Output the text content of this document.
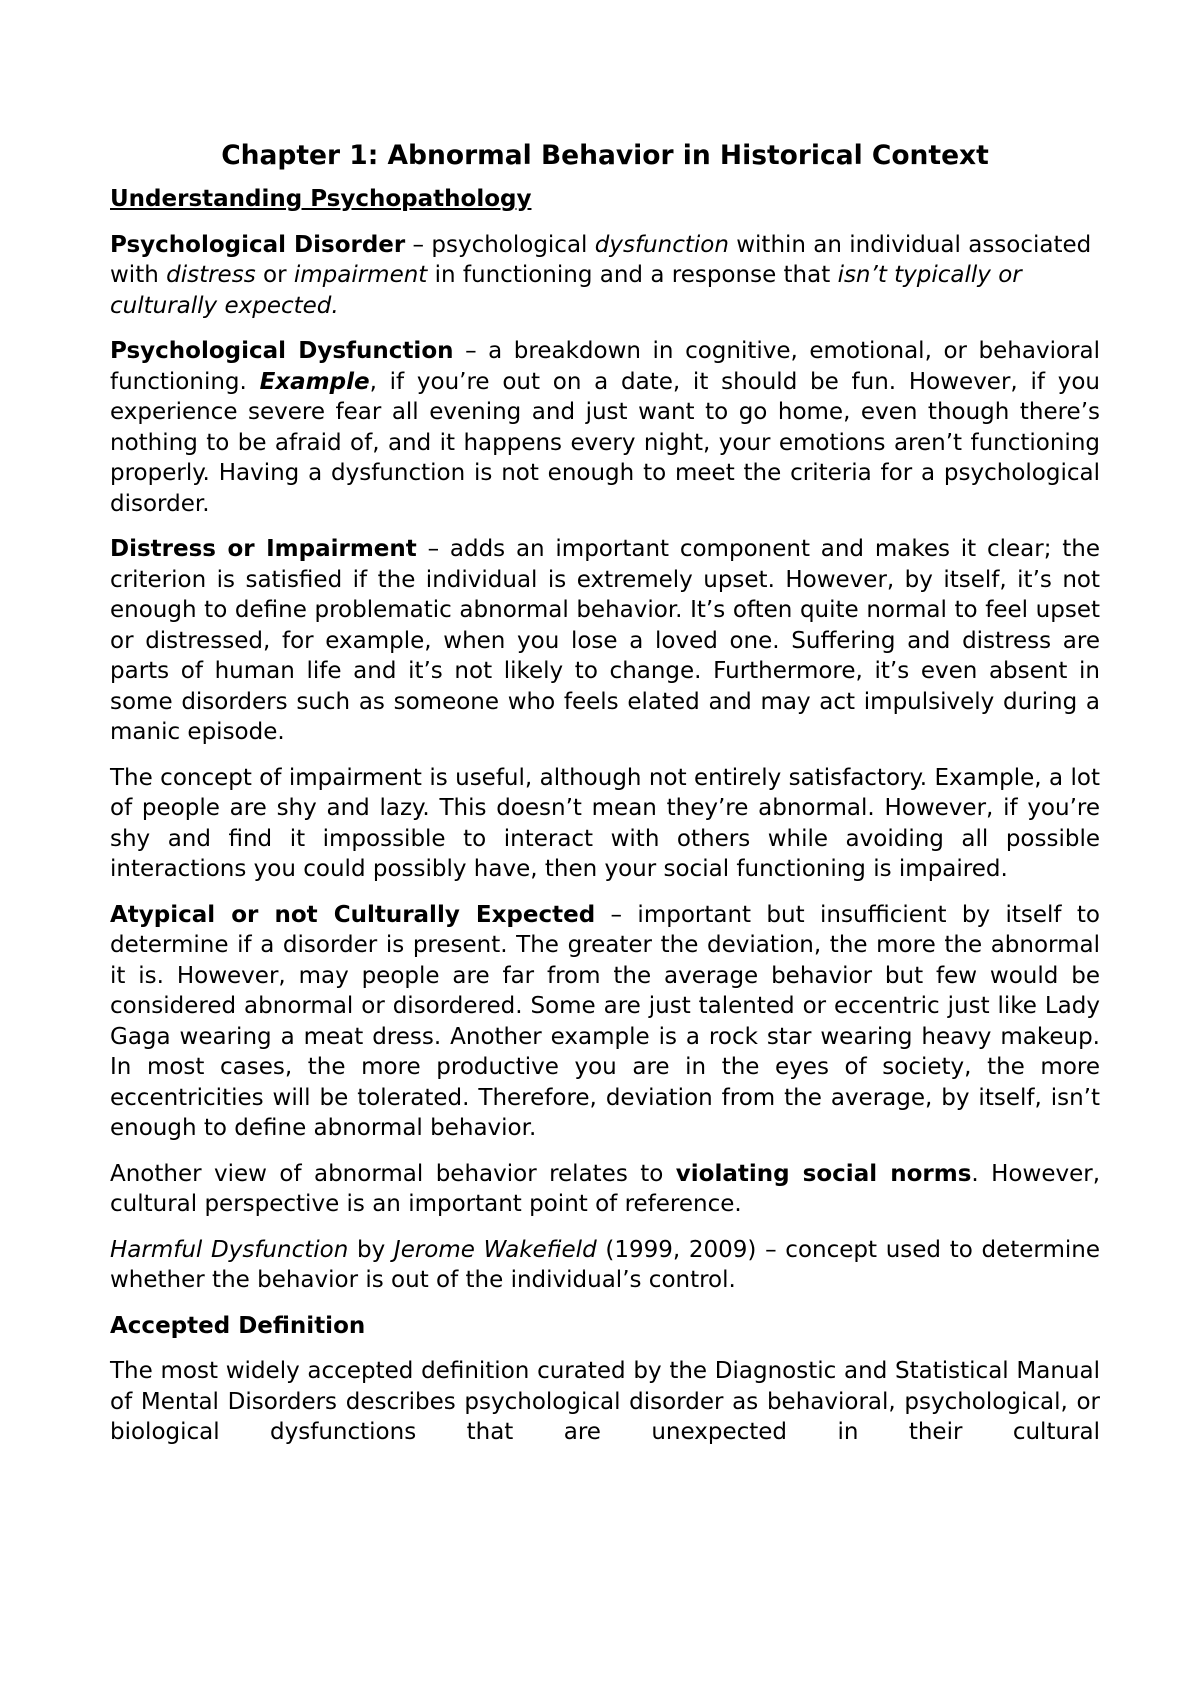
Chapter 1: Abnormal Behavior in Historical Context
Understanding Psychopathology

Psychological Disorder – psychological dysfunction within an individual associated with distress or impairment in functioning and a response that isn’t typically or culturally expected.

Psychological Dysfunction – a breakdown in cognitive, emotional, or behavioral functioning. Example, if you’re out on a date, it should be fun. However, if you experience severe fear all evening and just want to go home, even though there’s nothing to be afraid of, and it happens every night, your emotions aren’t functioning properly. Having a dysfunction is not enough to meet the criteria for a psychological disorder.

Distress or Impairment – adds an important component and makes it clear; the criterion is satisfied if the individual is extremely upset. However, by itself, it’s not enough to define problematic abnormal behavior. It’s often quite normal to feel upset or distressed, for example, when you lose a loved one. Suffering and distress are parts of human life and it’s not likely to change. Furthermore, it’s even absent in some disorders such as someone who feels elated and may act impulsively during a manic episode.

The concept of impairment is useful, although not entirely satisfactory. Example, a lot of people are shy and lazy. This doesn’t mean they’re abnormal. However, if you’re shy and find it impossible to interact with others while avoiding all possible interactions you could possibly have, then your social functioning is impaired.

Atypical or not Culturally Expected – important but insufficient by itself to determine if a disorder is present. The greater the deviation, the more the abnormal it is. However, may people are far from the average behavior but few would be considered abnormal or disordered. Some are just talented or eccentric just like Lady Gaga wearing a meat dress. Another example is a rock star wearing heavy makeup. In most cases, the more productive you are in the eyes of society, the more eccentricities will be tolerated. Therefore, deviation from the average, by itself, isn’t enough to define abnormal behavior.

Another view of abnormal behavior relates to violating social norms. However, cultural perspective is an important point of reference.

Harmful Dysfunction by Jerome Wakefield (1999, 2009) – concept used to determine whether the behavior is out of the individual’s control.

Accepted Definition

The most widely accepted definition curated by the Diagnostic and Statistical Manual of Mental Disorders describes psychological disorder as behavioral, psychological, or biological dysfunctions that are unexpected in their cultural
